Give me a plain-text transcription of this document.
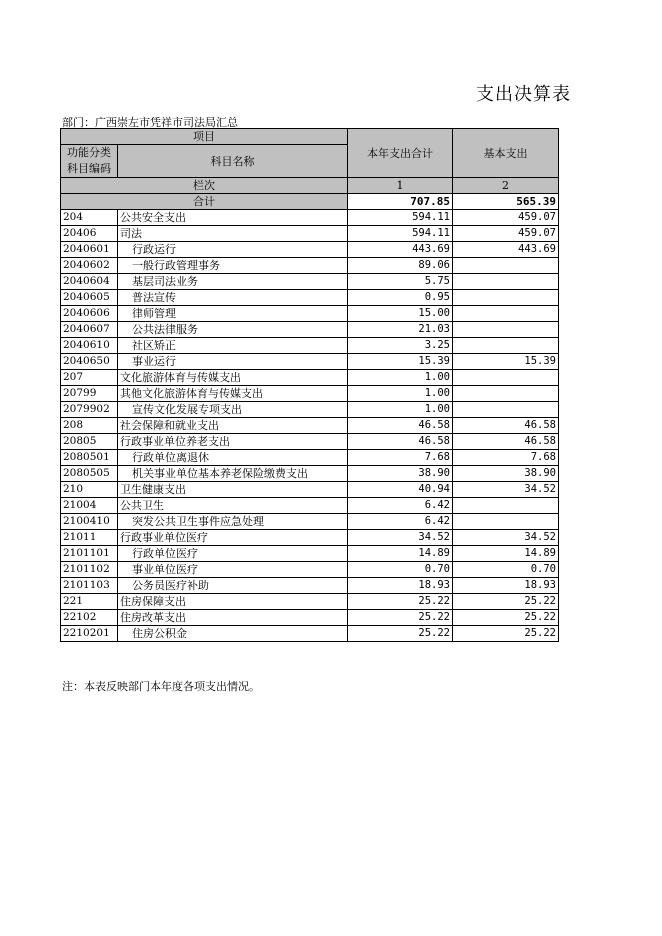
支出决算表
部门：广西崇左市凭祥市司法局汇总
项目		本年支出合计	基本支出
功能分类科目编码	科目名称		
栏次		1	2
合计		707.85	565.39
204	公共安全支出	594.11	459.07
20406	司法	594.11	459.07
2040601	行政运行	443.69	443.69
2040602	一般行政管理事务	89.06	
2040604	基层司法业务	5.75	
2040605	普法宣传	0.95	
2040606	律师管理	15.00	
2040607	公共法律服务	21.03	
2040610	社区矫正	3.25	
2040650	事业运行	15.39	15.39
207	文化旅游体育与传媒支出	1.00	
20799	其他文化旅游体育与传媒支出	1.00	
2079902	宣传文化发展专项支出	1.00	
208	社会保障和就业支出	46.58	46.58
20805	行政事业单位养老支出	46.58	46.58
2080501	行政单位离退休	7.68	7.68
2080505	机关事业单位基本养老保险缴费支出	38.90	38.90
210	卫生健康支出	40.94	34.52
21004	公共卫生	6.42	
2100410	突发公共卫生事件应急处理	6.42	
21011	行政事业单位医疗	34.52	34.52
2101101	行政单位医疗	14.89	14.89
2101102	事业单位医疗	0.70	0.70
2101103	公务员医疗补助	18.93	18.93
221	住房保障支出	25.22	25.22
22102	住房改革支出	25.22	25.22
2210201	住房公积金	25.22	25.22
注：本表反映部门本年度各项支出情况。
